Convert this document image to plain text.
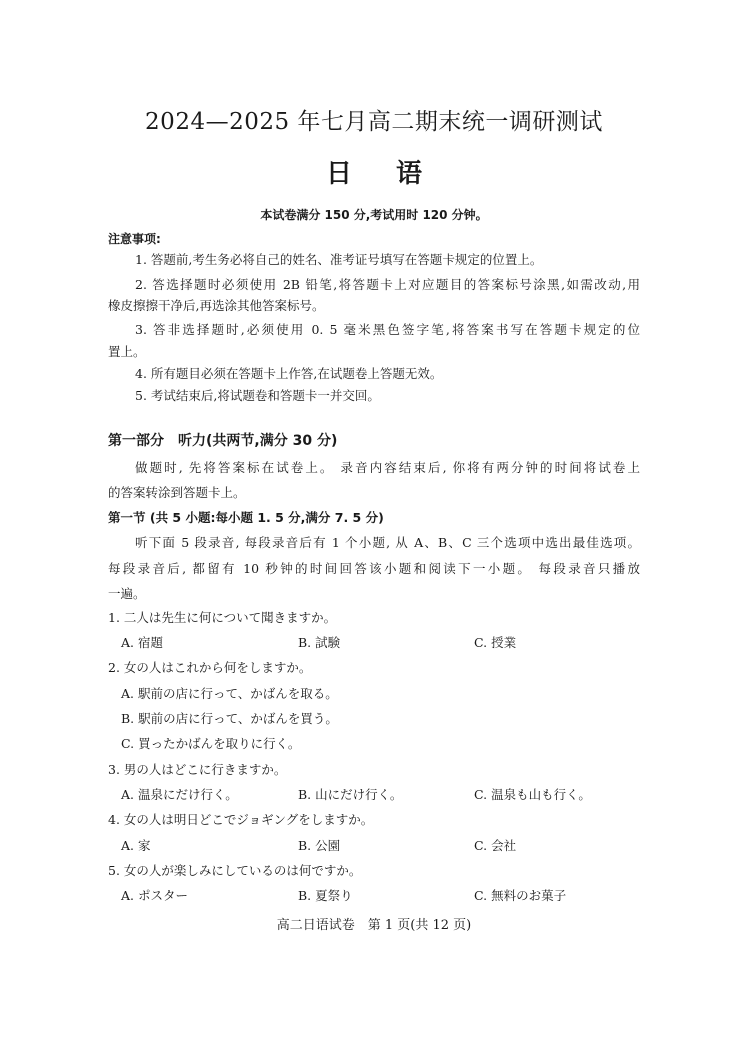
2024—2025 年七月高二期末统一调研测试
日 语
本试卷满分 150 分,考试用时 120 分钟。
注意事项:
1. 答题前,考生务必将自己的姓名、准考证号填写在答题卡规定的位置上。
2. 答选择题时必须使用 2B 铅笔,将答题卡上对应题目的答案标号涂黑,如需改动,用
橡皮擦擦干净后,再选涂其他答案标号。
3. 答非选择题时,必须使用 0. 5 毫米黑色签字笔,将答案书写在答题卡规定的位
置上。
4. 所有题目必须在答题卡上作答,在试题卷上答题无效。
5. 考试结束后,将试题卷和答题卡一并交回。
第一部分　听力(共两节,满分 30 分)
做题时, 先将答案标在试卷上。 录音内容结束后, 你将有两分钟的时间将试卷上
的答案转涂到答题卡上。
第一节 (共 5 小题:每小题 1. 5 分,满分 7. 5 分)
听下面 5 段录音, 每段录音后有 1 个小题, 从 A、B、C 三个选项中选出最佳选项。
每段录音后, 都留有 10 秒钟的时间回答该小题和阅读下一小题。 每段录音只播放
一遍。
1. 二人は先生に何について聞きますか。
A. 宿題	B. 試験	C. 授業
2. 女の人はこれから何をしますか。
A. 駅前の店に行って、かばんを取る。
B. 駅前の店に行って、かばんを買う。
C. 買ったかばんを取りに行く。
3. 男の人はどこに行きますか。
A. 温泉にだけ行く。	B. 山にだけ行く。	C. 温泉も山も行く。
4. 女の人は明日どこでジョギングをしますか。
A. 家	B. 公園	C. 会社
5. 女の人が楽しみにしているのは何ですか。
A. ポスター	B. 夏祭り	C. 無料のお菓子
高二日语试卷　第 1 页(共 12 页)
